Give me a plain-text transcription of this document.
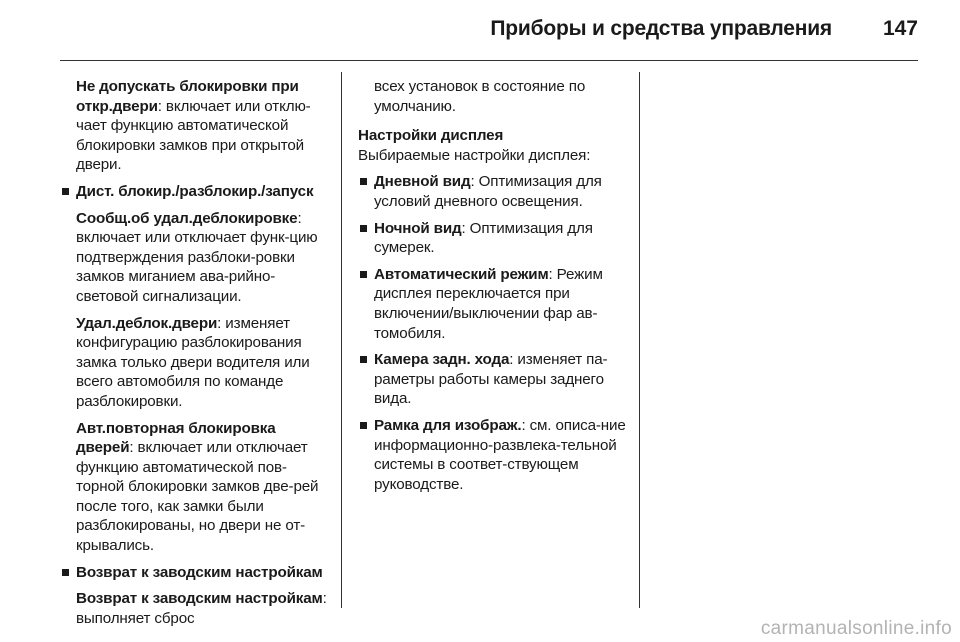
Приборы и средства управления 147

Не допускать блокировки при откр.двери: включает или отклю-чает функцию автоматической блокировки замков при открытой двери.

Дист. блокир./разблокир./запуск

Сообщ.об удал.деблокировке: включает или отключает функ-цию подтверждения разблоки-ровки замков миганием ава-рийно-световой сигнализации.

Удал.деблок.двери: изменяет конфигурацию разблокирования замка только двери водителя или всего автомобиля по команде разблокировки.

Авт.повторная блокировка дверей: включает или отключает функцию автоматической пов-торной блокировки замков две-рей после того, как замки были разблокированы, но двери не от-крывались.

Возврат к заводским настройкам

Возврат к заводским настройкам: выполняет сброс

всех установок в состояние по умолчанию.

Настройки дисплея

Выбираемые настройки дисплея:

Дневной вид: Оптимизация для условий дневного освещения.
Ночной вид: Оптимизация для сумерек.
Автоматический режим: Режим дисплея переключается при включении/выключении фар ав-томобиля.
Камера задн. хода: изменяет па-раметры работы камеры заднего вида.
Рамка для изображ.: см. описа-ние информационно-развлека-тельной системы в соответ-ствующем руководстве.
carmanualsonline.info
